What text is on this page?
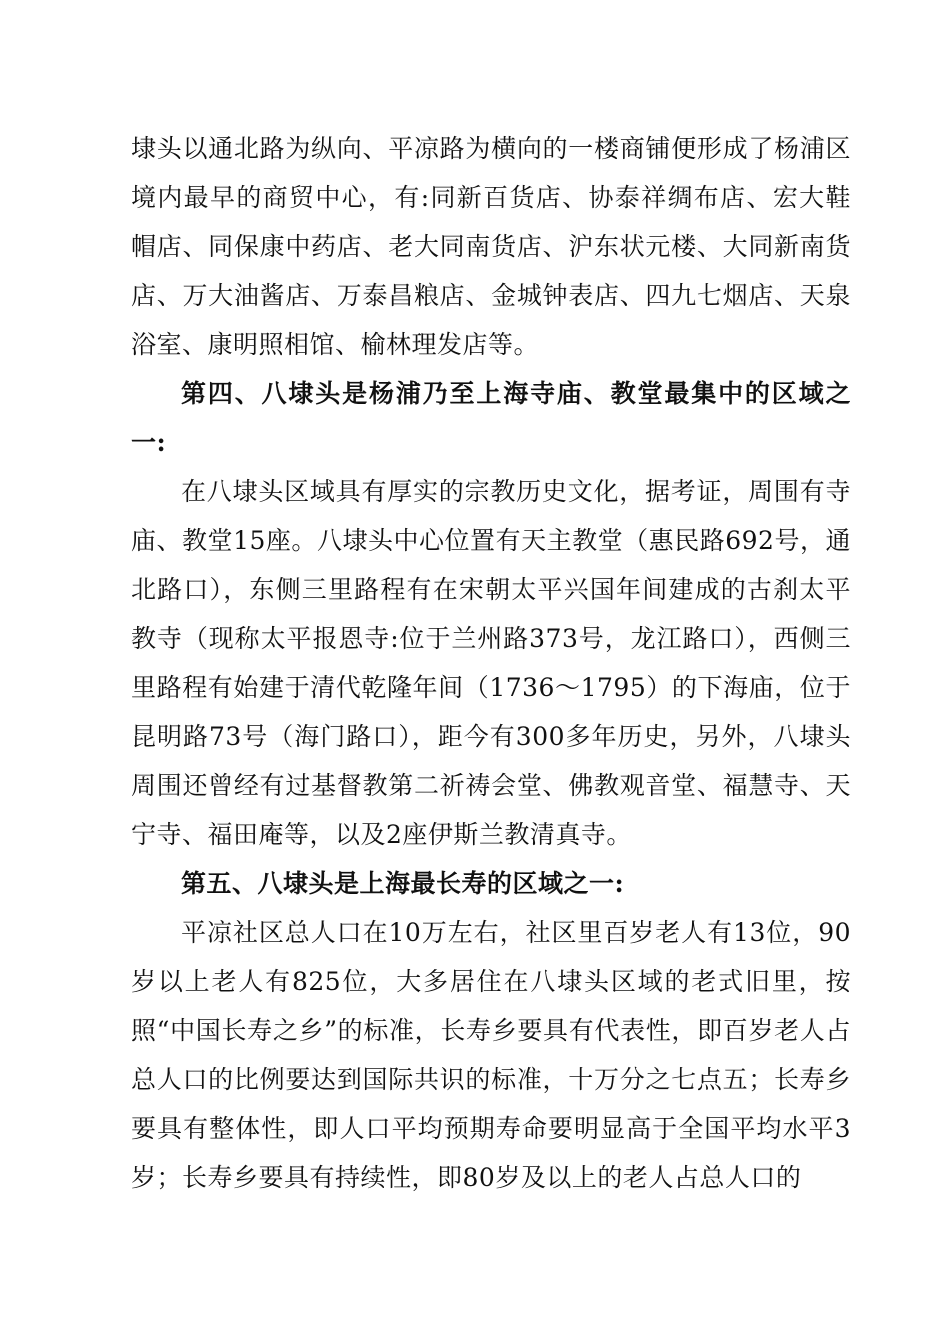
埭头以通北路为纵向、平凉路为横向的一楼商铺便形成了杨浦区境内最早的商贸中心，有:同新百货店、协泰祥绸布店、宏大鞋帽店、同保康中药店、老大同南货店、沪东状元楼、大同新南货店、万大油酱店、万泰昌粮店、金城钟表店、四九七烟店、天泉浴室、康明照相馆、榆林理发店等。

第四、八埭头是杨浦乃至上海寺庙、教堂最集中的区域之一:

在八埭头区域具有厚实的宗教历史文化，据考证，周围有寺庙、教堂15座。八埭头中心位置有天主教堂（惠民路692号，通北路口），东侧三里路程有在宋朝太平兴国年间建成的古刹太平教寺（现称太平报恩寺:位于兰州路373号，龙江路口），西侧三里路程有始建于清代乾隆年间（1736～1795）的下海庙，位于昆明路73号（海门路口），距今有300多年历史，另外，八埭头周围还曾经有过基督教第二祈祷会堂、佛教观音堂、福慧寺、天宁寺、福田庵等，以及2座伊斯兰教清真寺。

第五、八埭头是上海最长寿的区域之一:

平凉社区总人口在10万左右，社区里百岁老人有13位，90岁以上老人有825位，大多居住在八埭头区域的老式旧里，按照“中国长寿之乡”的标准，长寿乡要具有代表性，即百岁老人占总人口的比例要达到国际共识的标准，十万分之七点五；长寿乡要具有整体性，即人口平均预期寿命要明显高于全国平均水平3岁；长寿乡要具有持续性，即80岁及以上的老人占总人口的
